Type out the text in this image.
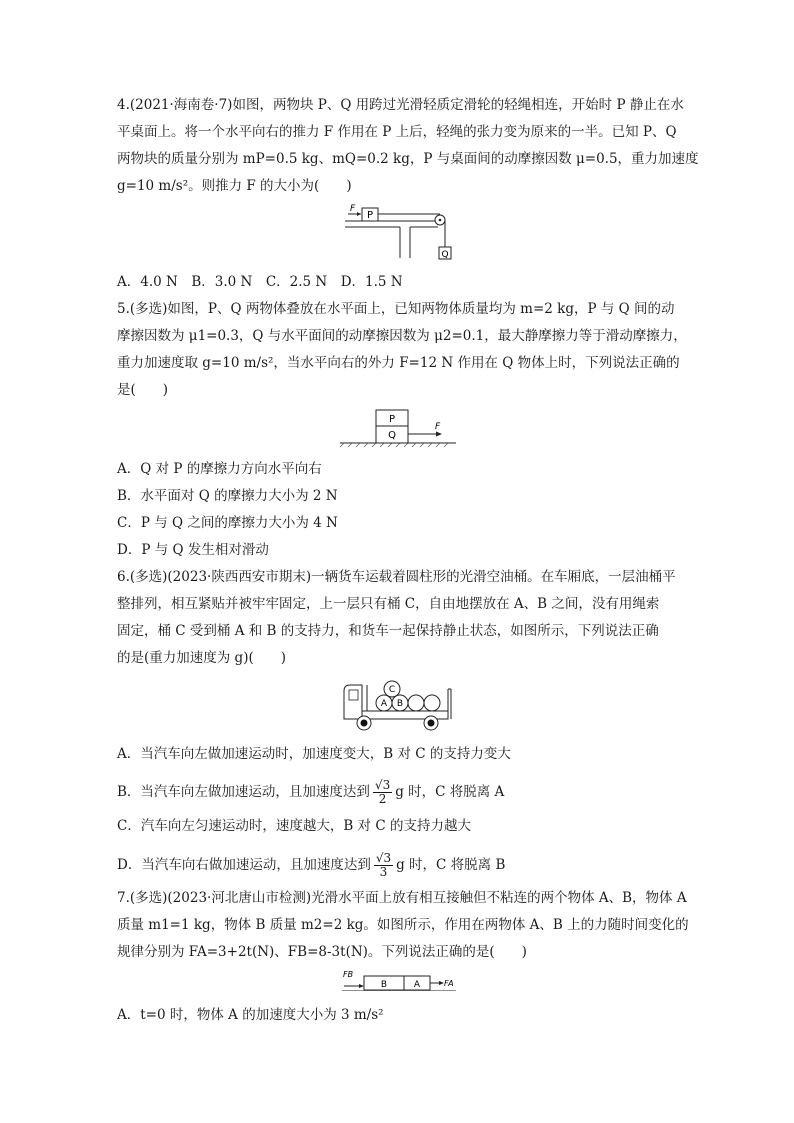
4.(2021·海南卷·7)如图，两物块 P、Q 用跨过光滑轻质定滑轮的轻绳相连，开始时 P 静止在水
平桌面上。将一个水平向右的推力 F 作用在 P 上后，轻绳的张力变为原来的一半。已知 P、Q
两物块的质量分别为 mP=0.5 kg、mQ=0.2 kg，P 与桌面间的动摩擦因数 μ=0.5，重力加速度
g=10 m/s²。则推力 F 的大小为(　　)
P
F
Q
A．4.0 N　B．3.0 N　C．2.5 N　D．1.5 N
5.(多选)如图，P、Q 两物体叠放在水平面上，已知两物体质量均为 m=2 kg，P 与 Q 间的动
摩擦因数为 μ1=0.3，Q 与水平面间的动摩擦因数为 μ2=0.1，最大静摩擦力等于滑动摩擦力，
重力加速度取 g=10 m/s²，当水平向右的外力 F=12 N 作用在 Q 物体上时，下列说法正确的
是(　　)
P
Q
F
A．Q 对 P 的摩擦力方向水平向右
B．水平面对 Q 的摩擦力大小为 2 N
C．P 与 Q 之间的摩擦力大小为 4 N
D．P 与 Q 发生相对滑动
6.(多选)(2023·陕西西安市期末)一辆货车运载着圆柱形的光滑空油桶。在车厢底，一层油桶平
整排列，相互紧贴并被牢牢固定，上一层只有桶 C，自由地摆放在 A、B 之间，没有用绳索
固定，桶 C 受到桶 A 和 B 的支持力，和货车一起保持静止状态，如图所示，下列说法正确
的是(重力加速度为 g)(　　)
A B
C
A．当汽车向左做加速运动时，加速度变大，B 对 C 的支持力变大
B．当汽车向左做加速运动，且加速度达到 $\frac{√3}{2}$ g 时，C 将脱离 A
C．汽车向左匀速运动时，速度越大，B 对 C 的支持力越大
D．当汽车向右做加速运动，且加速度达到 $\frac{√3}{3}$ g 时，C 将脱离 B
7.(多选)(2023·河北唐山市检测)光滑水平面上放有相互接触但不粘连的两个物体 A、B，物体 A
质量 m1=1 kg，物体 B 质量 m2=2 kg。如图所示，作用在两物体 A、B 上的力随时间变化的
规律分别为 FA=3+2t(N)、FB=8-3t(N)。下列说法正确的是(　　)
FB
B	A	FA
A．t=0 时，物体 A 的加速度大小为 3 m/s²
